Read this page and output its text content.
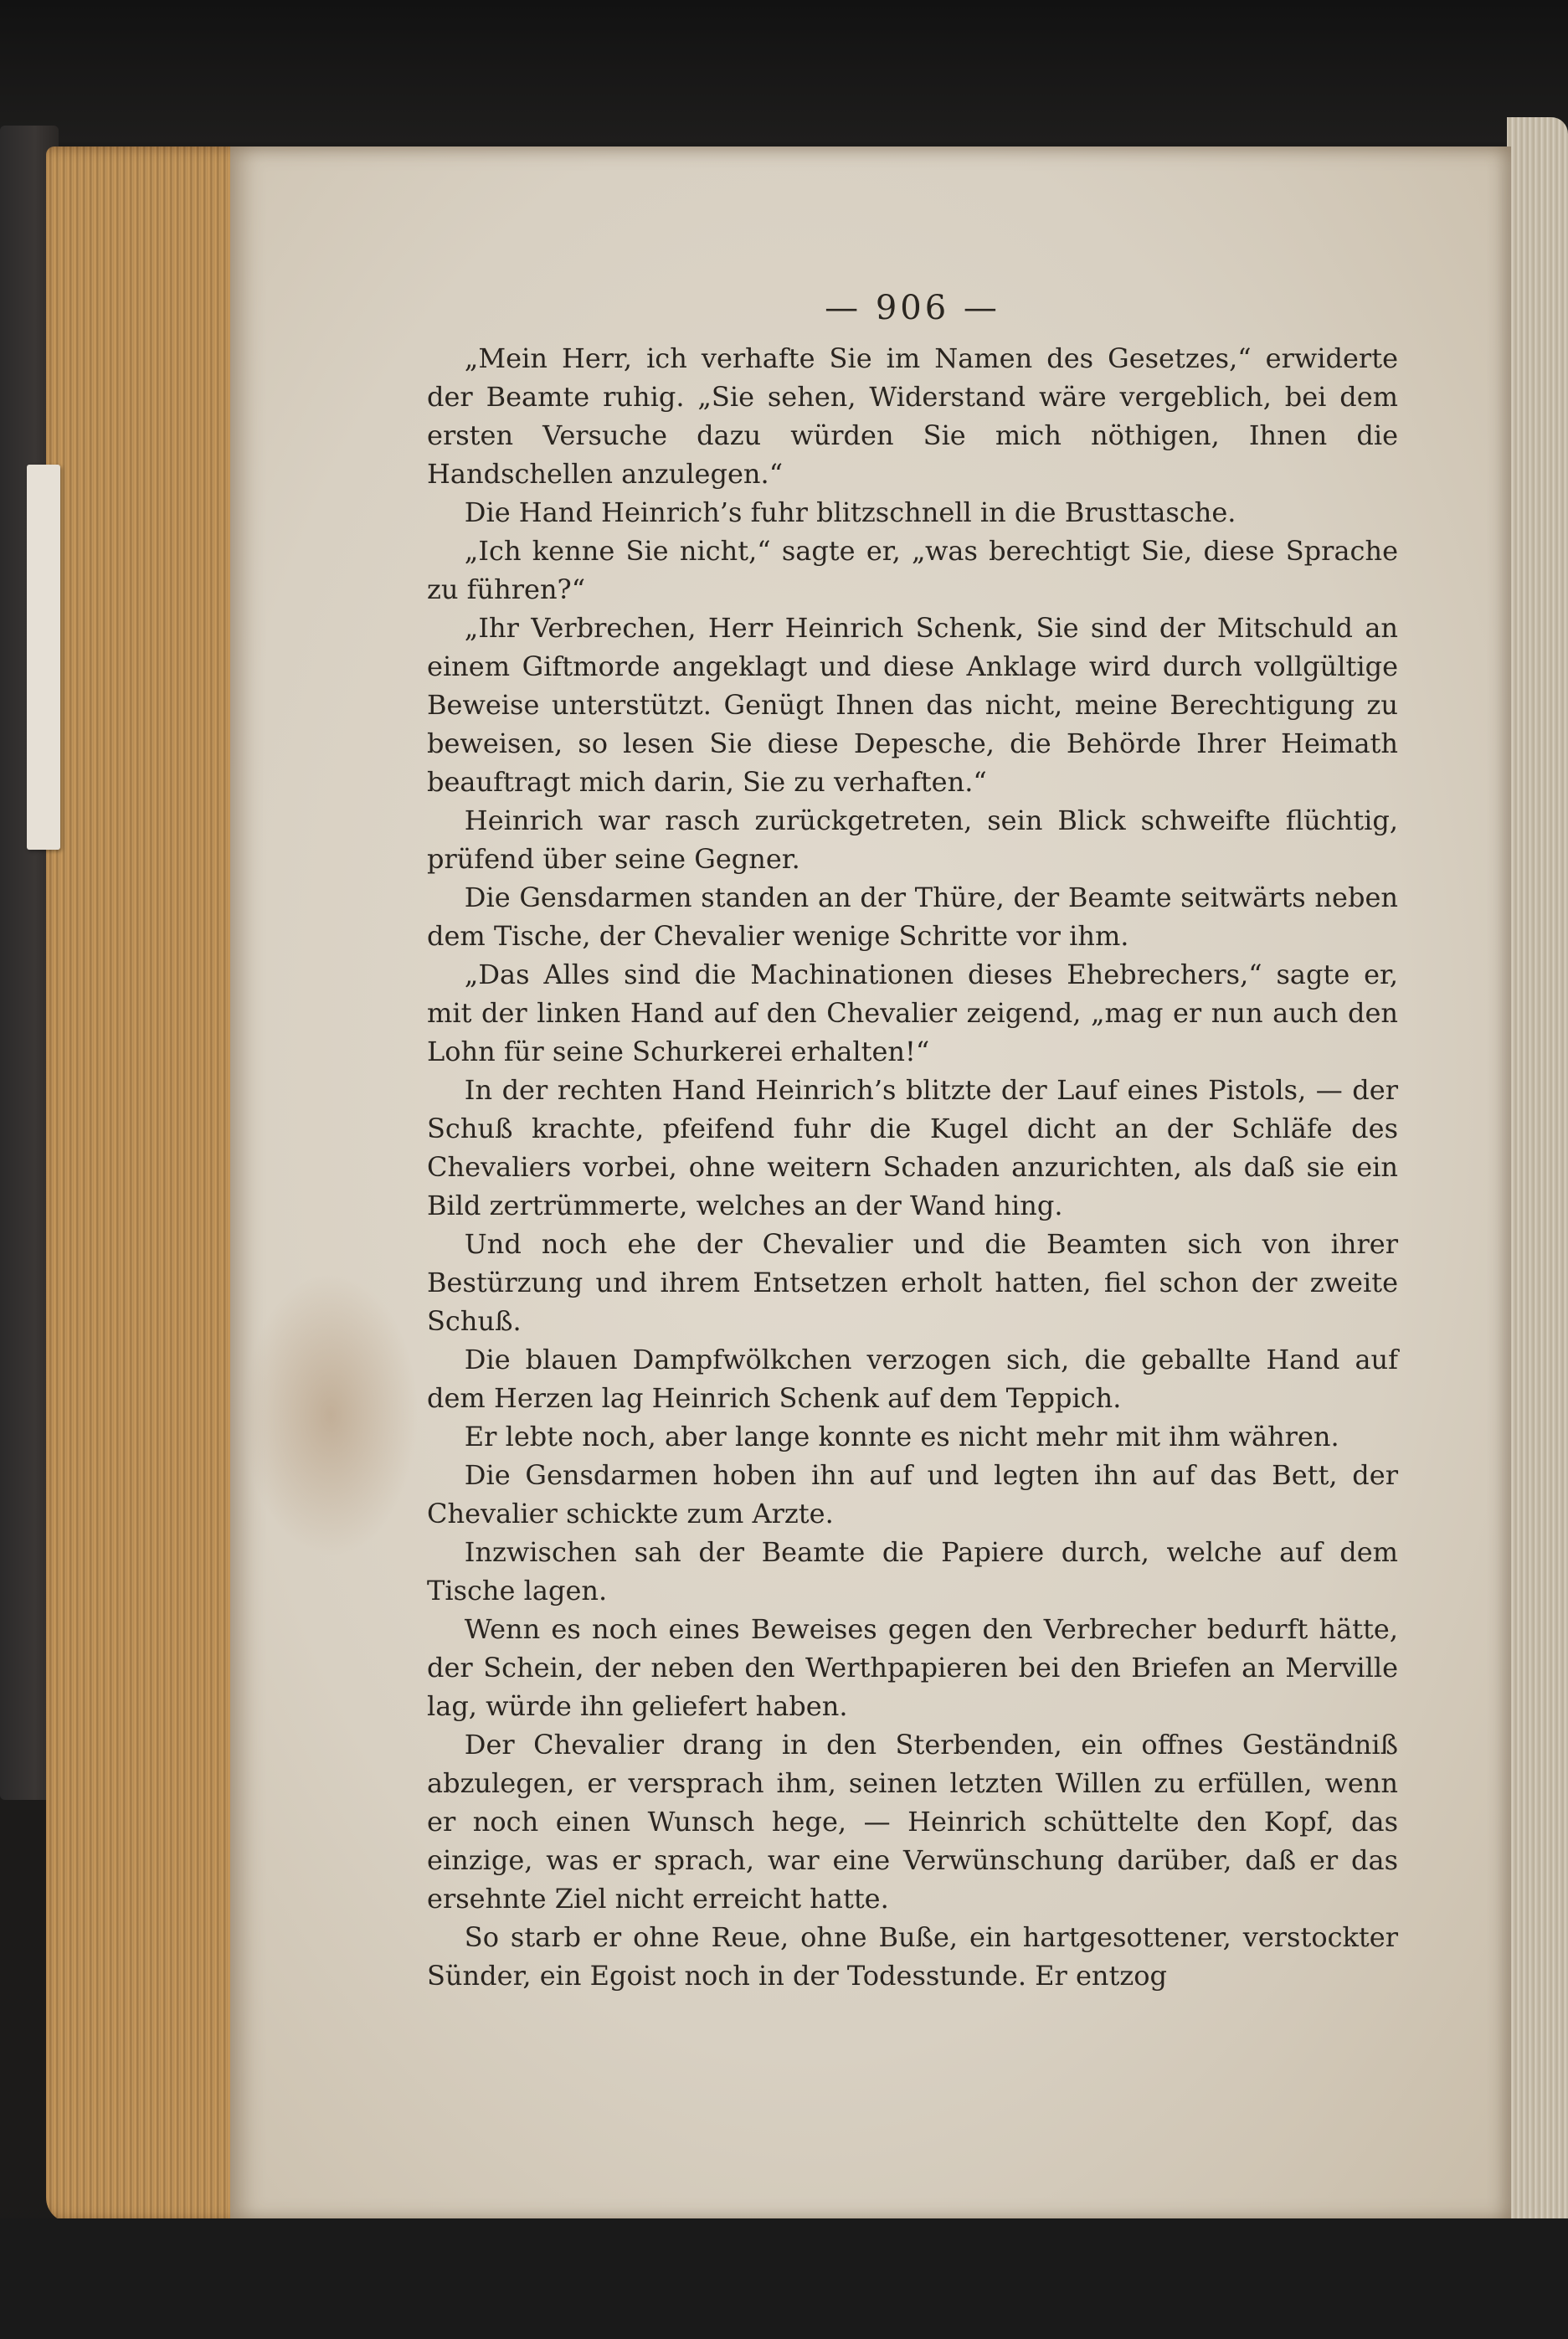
— 906 —

„Mein Herr, ich verhafte Sie im Namen des Gesetzes,“ erwiderte der Beamte ruhig. „Sie sehen, Widerstand wäre vergeblich, bei dem ersten Versuche dazu würden Sie mich nöthigen, Ihnen die Handschellen anzulegen.“

Die Hand Heinrich’s fuhr blitzschnell in die Brusttasche.

„Ich kenne Sie nicht,“ sagte er, „was berechtigt Sie, diese Sprache zu führen?“

„Ihr Verbrechen, Herr Heinrich Schenk, Sie sind der Mitschuld an einem Giftmorde angeklagt und diese Anklage wird durch vollgültige Beweise unterstützt. Genügt Ihnen das nicht, meine Berechtigung zu beweisen, so lesen Sie diese Depesche, die Behörde Ihrer Heimath beauftragt mich darin, Sie zu verhaften.“

Heinrich war rasch zurückgetreten, sein Blick schweifte flüchtig, prüfend über seine Gegner.

Die Gensdarmen standen an der Thüre, der Beamte seitwärts neben dem Tische, der Chevalier wenige Schritte vor ihm.

„Das Alles sind die Machinationen dieses Ehebrechers,“ sagte er, mit der linken Hand auf den Chevalier zeigend, „mag er nun auch den Lohn für seine Schurkerei erhalten!“

In der rechten Hand Heinrich’s blitzte der Lauf eines Pistols, — der Schuß krachte, pfeifend fuhr die Kugel dicht an der Schläfe des Chevaliers vorbei, ohne weitern Schaden anzurichten, als daß sie ein Bild zertrümmerte, welches an der Wand hing.

Und noch ehe der Chevalier und die Beamten sich von ihrer Bestürzung und ihrem Entsetzen erholt hatten, fiel schon der zweite Schuß.

Die blauen Dampfwölkchen verzogen sich, die geballte Hand auf dem Herzen lag Heinrich Schenk auf dem Teppich.

Er lebte noch, aber lange konnte es nicht mehr mit ihm währen.

Die Gensdarmen hoben ihn auf und legten ihn auf das Bett, der Chevalier schickte zum Arzte.

Inzwischen sah der Beamte die Papiere durch, welche auf dem Tische lagen.

Wenn es noch eines Beweises gegen den Verbrecher bedurft hätte, der Schein, der neben den Werthpapieren bei den Briefen an Merville lag, würde ihn geliefert haben.

Der Chevalier drang in den Sterbenden, ein offnes Geständniß abzulegen, er versprach ihm, seinen letzten Willen zu erfüllen, wenn er noch einen Wunsch hege, — Heinrich schüttelte den Kopf, das einzige, was er sprach, war eine Verwünschung darüber, daß er das ersehnte Ziel nicht erreicht hatte.

So starb er ohne Reue, ohne Buße, ein hartgesottener, verstockter Sünder, ein Egoist noch in der Todesstunde. Er entzog
